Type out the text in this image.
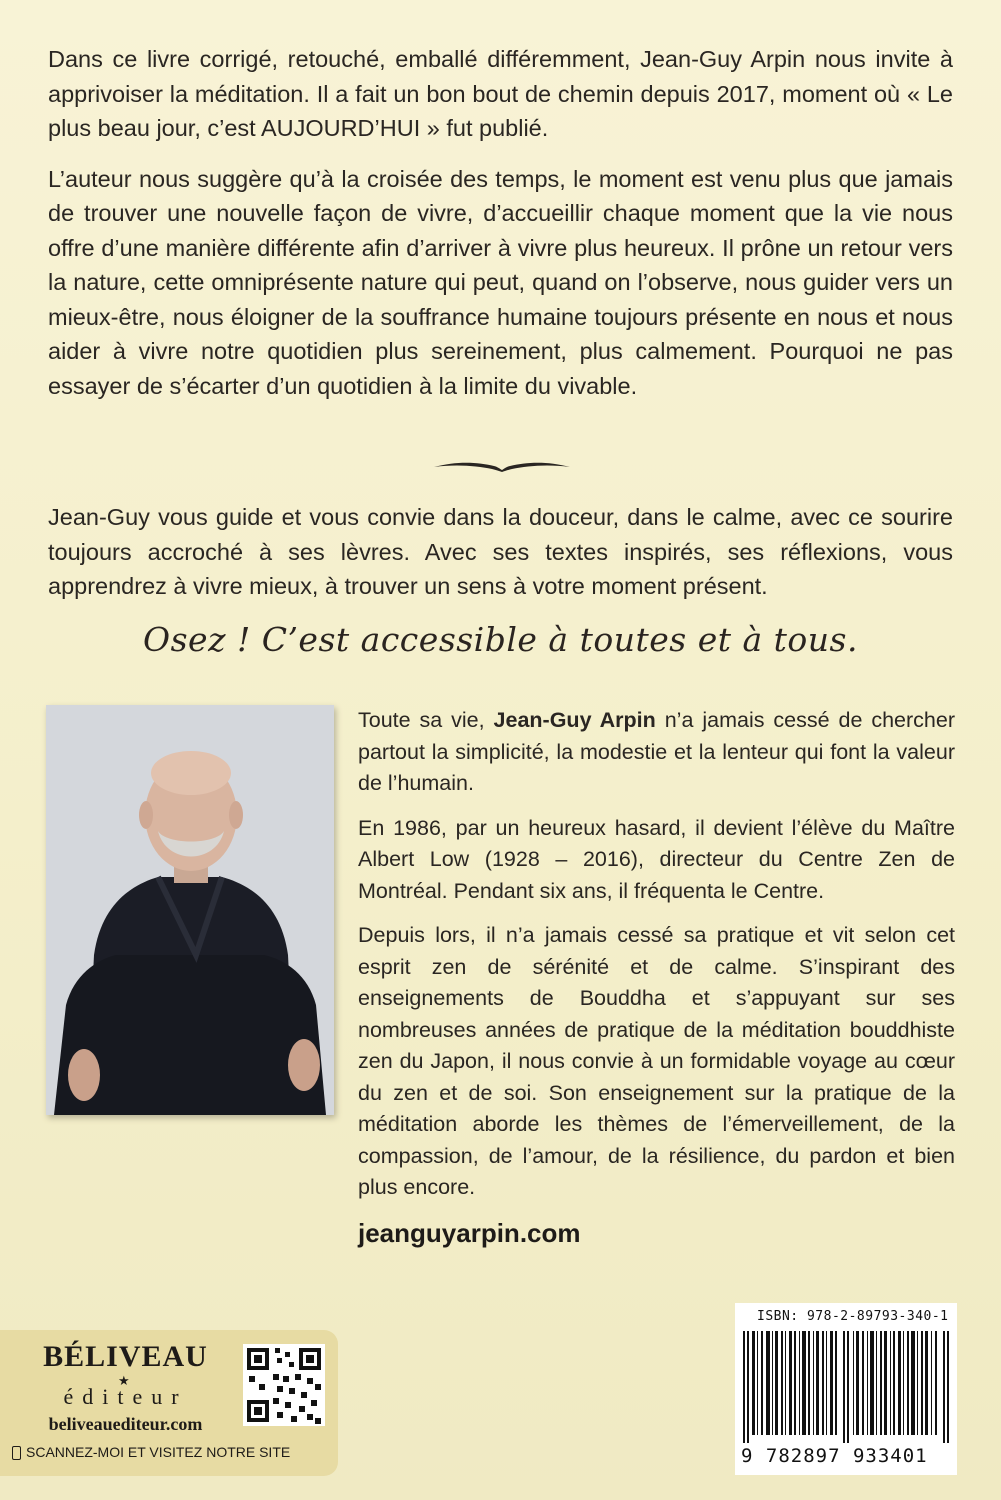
Dans ce livre corrigé, retouché, emballé différemment, Jean-Guy Arpin nous invite à apprivoiser la méditation. Il a fait un bon bout de chemin depuis 2017, moment où « Le plus beau jour, c’est AUJOURD’HUI » fut publié.

L’auteur nous suggère qu’à la croisée des temps, le moment est venu plus que jamais de trouver une nouvelle façon de vivre, d’accueillir chaque moment que la vie nous offre d’une manière différente afin d’arriver à vivre plus heureux. Il prône un retour vers la nature, cette omniprésente nature qui peut, quand on l’observe, nous guider vers un mieux-être, nous éloigner de la souffrance humaine toujours présente en nous et nous aider à vivre notre quotidien plus sereinement, plus calmement. Pourquoi ne pas essayer de s’écarter d’un quotidien à la limite du vivable.

Jean-Guy vous guide et vous convie dans la douceur, dans le calme, avec ce sourire toujours accroché à ses lèvres. Avec ses textes inspirés, ses réflexions, vous apprendrez à vivre mieux, à trouver un sens à votre moment présent.
Osez ! C’est accessible à toutes et à tous.

Toute sa vie, Jean-Guy Arpin n’a jamais cessé de chercher partout la simplicité, la modestie et la lenteur qui font la valeur de l’humain.

En 1986, par un heureux hasard, il devient l’élève du Maître Albert Low (1928 – 2016), directeur du Centre Zen de Montréal. Pendant six ans, il fréquenta le Centre.

Depuis lors, il n’a jamais cessé sa pratique et vit selon cet esprit zen de sérénité et de calme. S’inspirant des enseignements de Bouddha et s’appuyant sur ses nombreuses années de pratique de la méditation bouddhiste zen du Japon, il nous convie à un formidable voyage au cœur du zen et de soi. Son enseignement sur la pratique de la méditation aborde les thèmes de l’émerveillement, de la compassion, de l’amour, de la résilience, du pardon et bien plus encore.

jeanguyarpin.com
BÉLIVEAU
★
éditeur
beliveauediteur.com
SCANNEZ-MOI ET VISITEZ NOTRE SITE
ISBN: 978-2-89793-340-1
9 782897 933401
